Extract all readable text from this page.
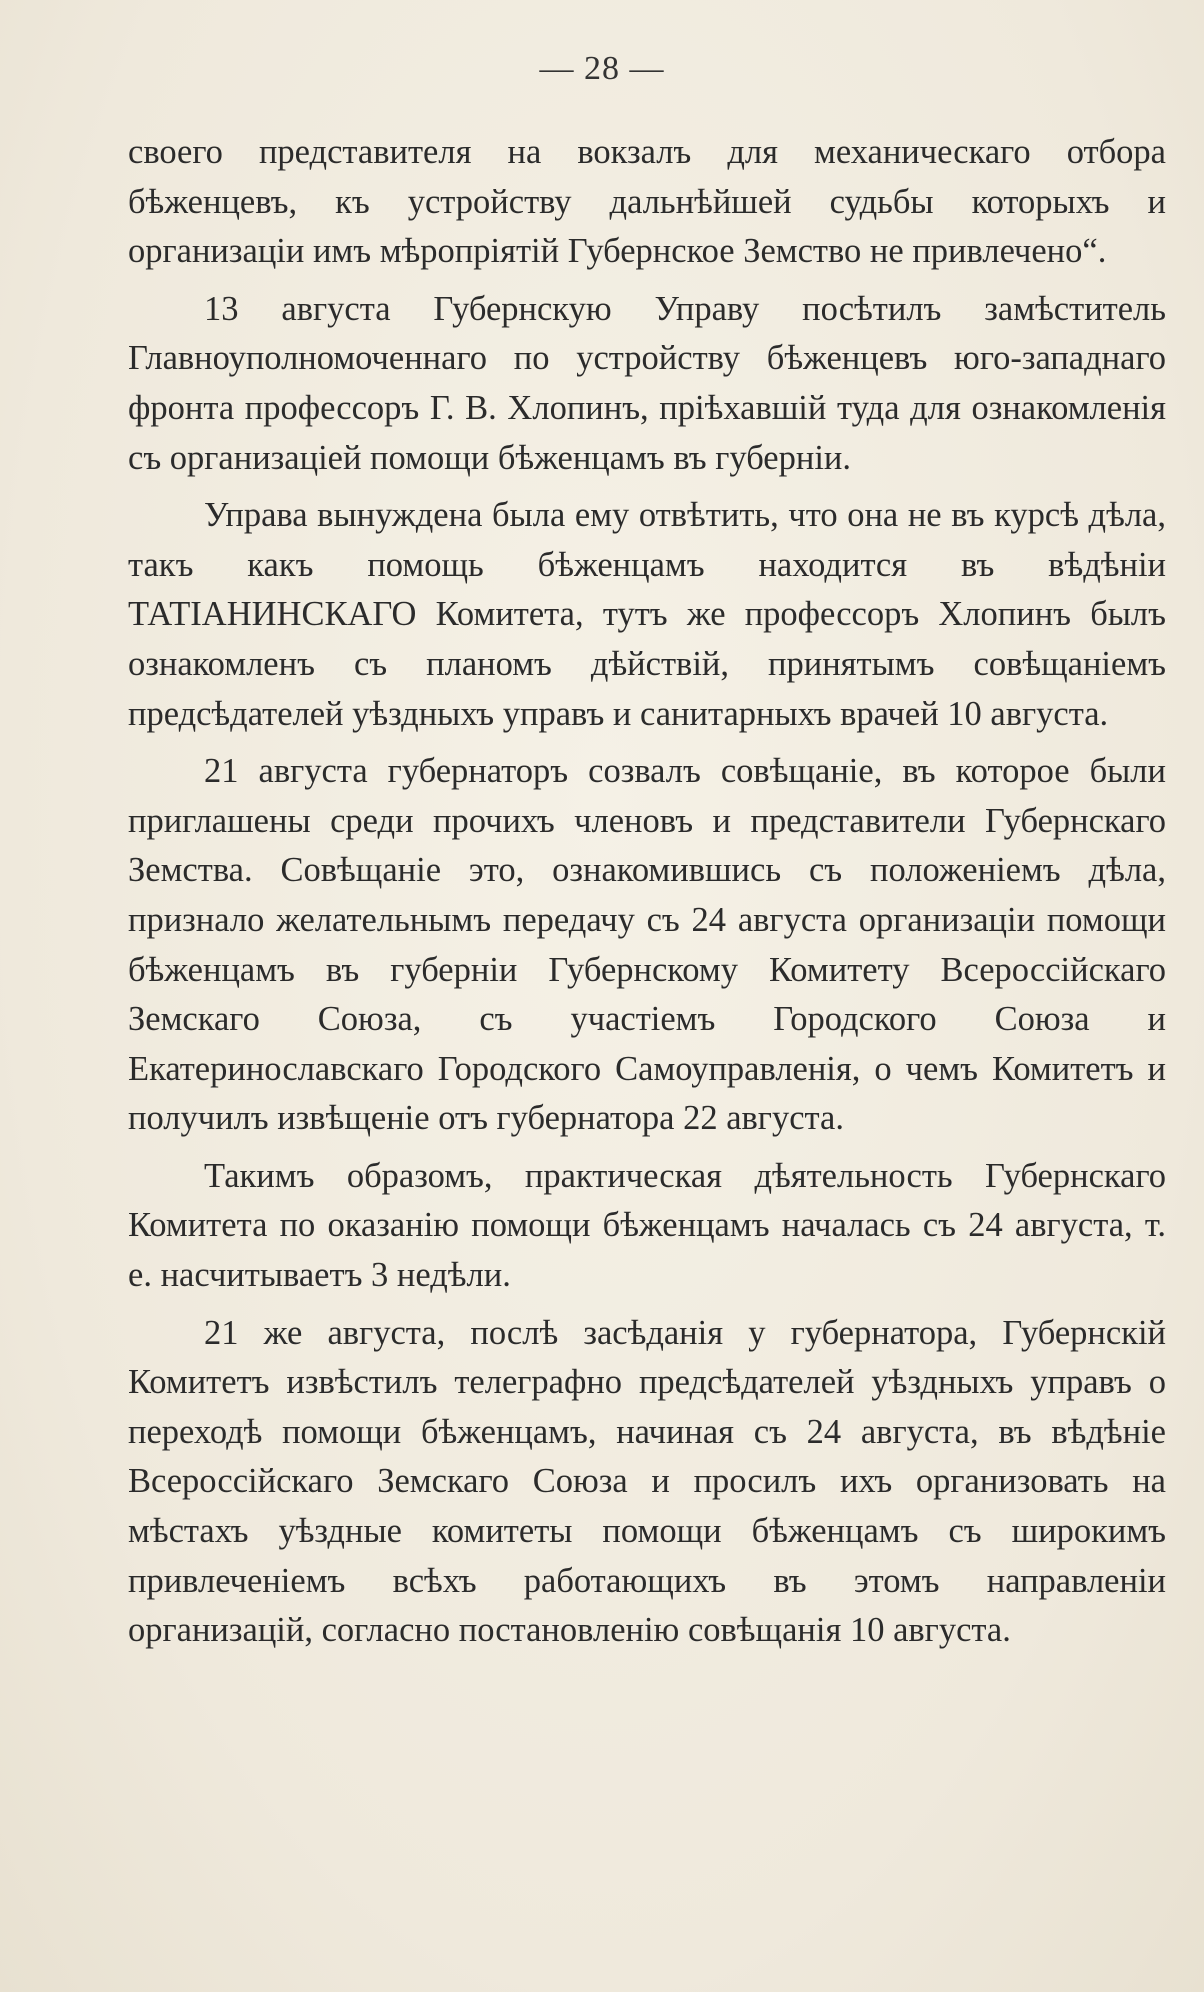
— 28 —

своего представителя на вокзалъ для механическаго отбора бѣженцевъ, къ устройству дальнѣйшей судьбы которыхъ и организаціи имъ мѣропріятій Губернское Земство не привлечено“.

13 августа Губернскую Управу посѣтилъ замѣститель Главноуполномоченнаго по устройству бѣженцевъ юго-западнаго фронта профессоръ Г. В. Хлопинъ, пріѣхавшій туда для ознакомленія съ организаціей помощи бѣженцамъ въ губерніи.

Управа вынуждена была ему отвѣтить, что она не въ курсѣ дѣла, такъ какъ помощь бѣженцамъ находится въ вѣдѣніи ТАТІАНИНСКАГО Комитета, тутъ же профессоръ Хлопинъ былъ ознакомленъ съ планомъ дѣйствій, принятымъ совѣщаніемъ предсѣдателей уѣздныхъ управъ и санитарныхъ врачей 10 августа.

21 августа губернаторъ созвалъ совѣщаніе, въ которое были приглашены среди прочихъ членовъ и представители Губернскаго Земства. Совѣщаніе это, ознакомившись съ положеніемъ дѣла, признало желательнымъ передачу съ 24 августа организаціи помощи бѣженцамъ въ губерніи Губернскому Комитету Всероссійскаго Земскаго Союза, съ участіемъ Городского Союза и Екатеринославскаго Городского Самоуправленія, о чемъ Комитетъ и получилъ извѣщеніе отъ губернатора 22 августа.

Такимъ образомъ, практическая дѣятельность Губернскаго Комитета по оказанію помощи бѣженцамъ началась съ 24 августа, т. е. насчитываетъ 3 недѣли.

21 же августа, послѣ засѣданія у губернатора, Губернскій Комитетъ извѣстилъ телеграфно предсѣдателей уѣздныхъ управъ о переходѣ помощи бѣженцамъ, начиная съ 24 августа, въ вѣдѣніе Всероссійскаго Земскаго Союза и просилъ ихъ организовать на мѣстахъ уѣздные комитеты помощи бѣженцамъ съ широкимъ привлеченіемъ всѣхъ работающихъ въ этомъ направленіи организацій, согласно постановленію совѣщанія 10 августа.
